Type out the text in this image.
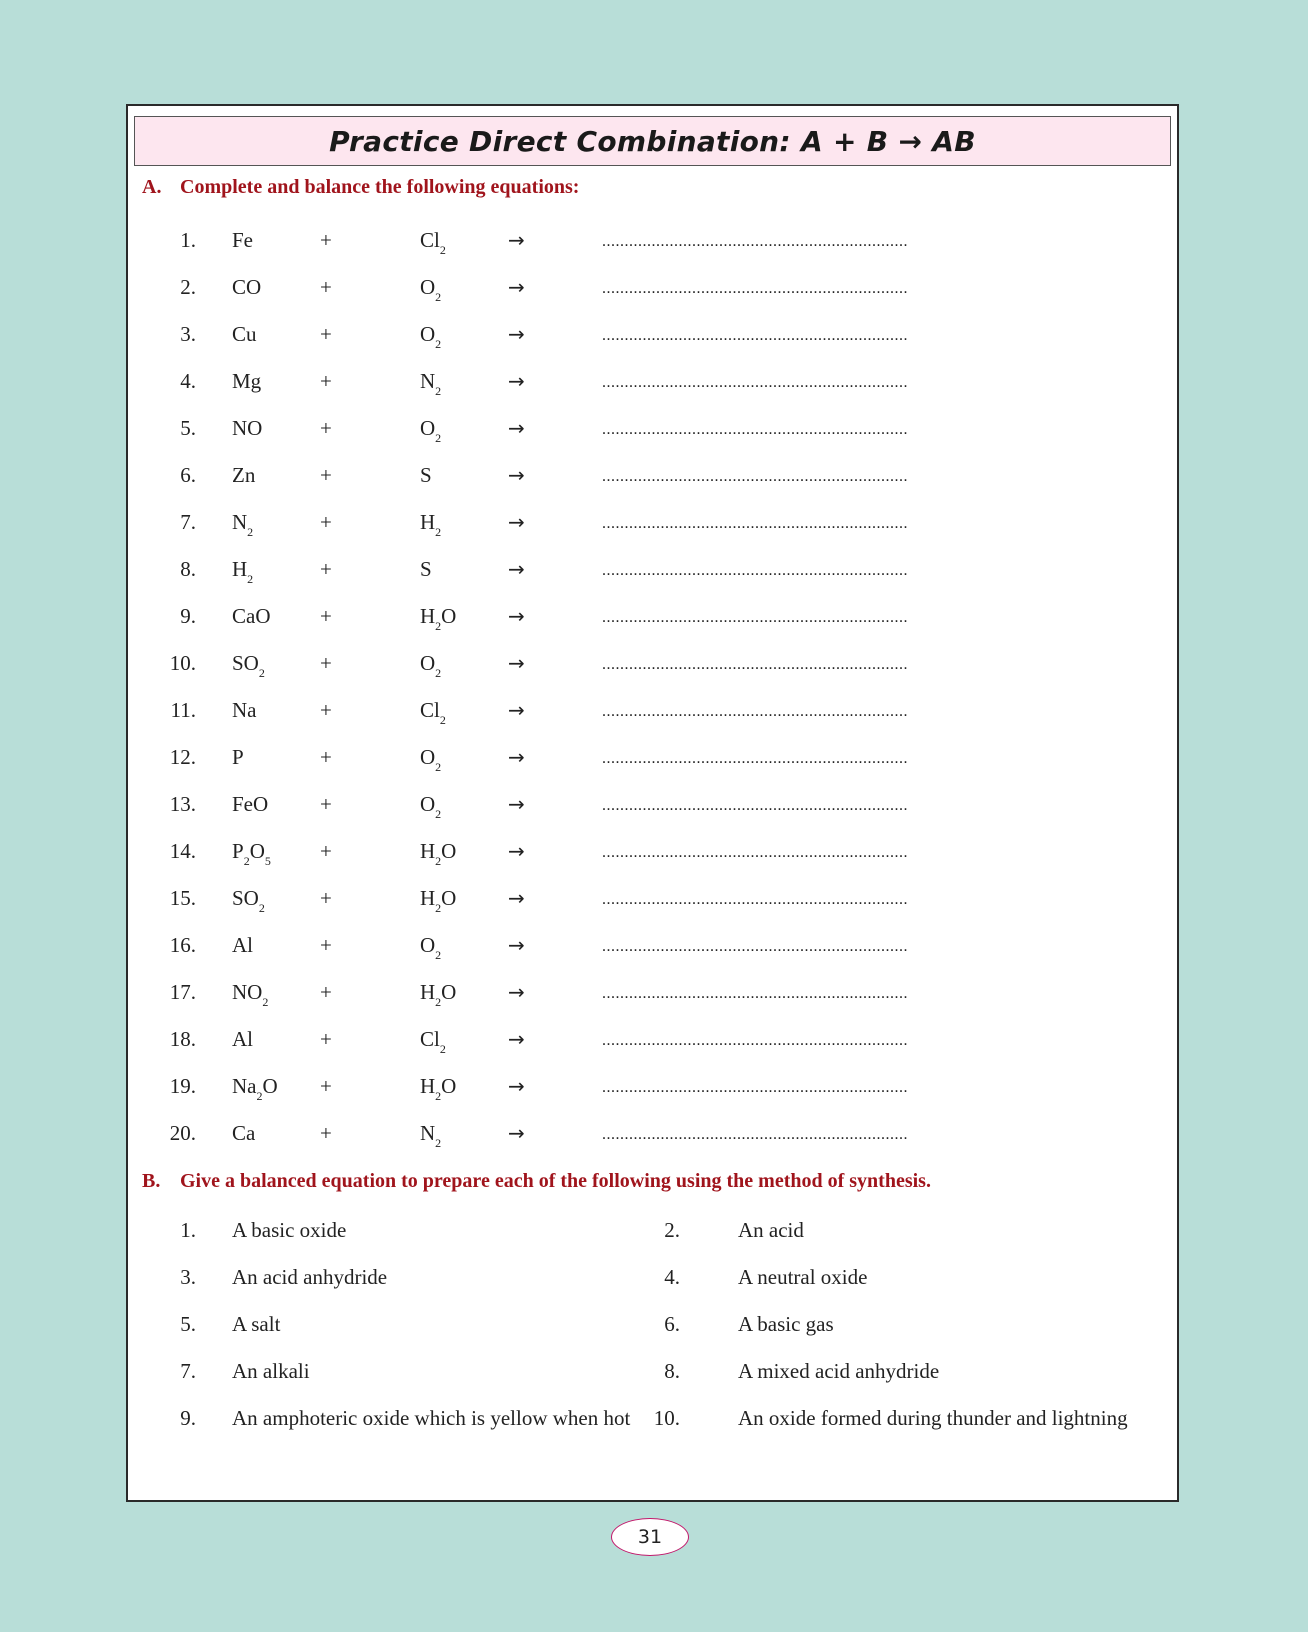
Practice Direct Combination: A + B → AB
A. Complete and balance the following equations:
1. Fe	+	$Cl_2$	→	....................................................................
2. CO	+	$O_2$	→	....................................................................
3. Cu	+	$O_2$	→	....................................................................
4. Mg	+	$N_2$	→	....................................................................
5. NO	+	$O_2$	→	....................................................................
6. Zn	+	S	→	....................................................................
7. $N_2$	+	$H_2$	→	....................................................................
8. $H_2$	+	S	→	....................................................................
9. CaO +	$H_2O$	→	....................................................................
10. $SO_2$	+	$O_2$	→	....................................................................
11. Na	+	$Cl_2$	→	....................................................................
12. P	+	$O_2$	→	....................................................................
13. FeO +	$O_2$	→	....................................................................
14. $P_2O_5$ +	$H_2O$	→	....................................................................
15. $SO_2$	+	$H_2O$	→	....................................................................
16. Al	+	$O_2$	→	....................................................................
17. $NO_2$ +	$H_2O$	→	....................................................................
18. Al	+	$Cl_2$	→	....................................................................
19. $Na_2O$ +	$H_2O$	→	....................................................................
20. Ca	+	$N_2$	→	....................................................................
B. Give a balanced equation to prepare each of the following using the method of synthesis.
1. A basic oxide	2.	An acid
3. An acid anhydride	4.	A neutral oxide
5. A salt	6.	A basic gas
7. An alkali	8.	A mixed acid anhydride
9. An amphoteric oxide which is yellow when hot	10.	An oxide formed during thunder and lightning
31
